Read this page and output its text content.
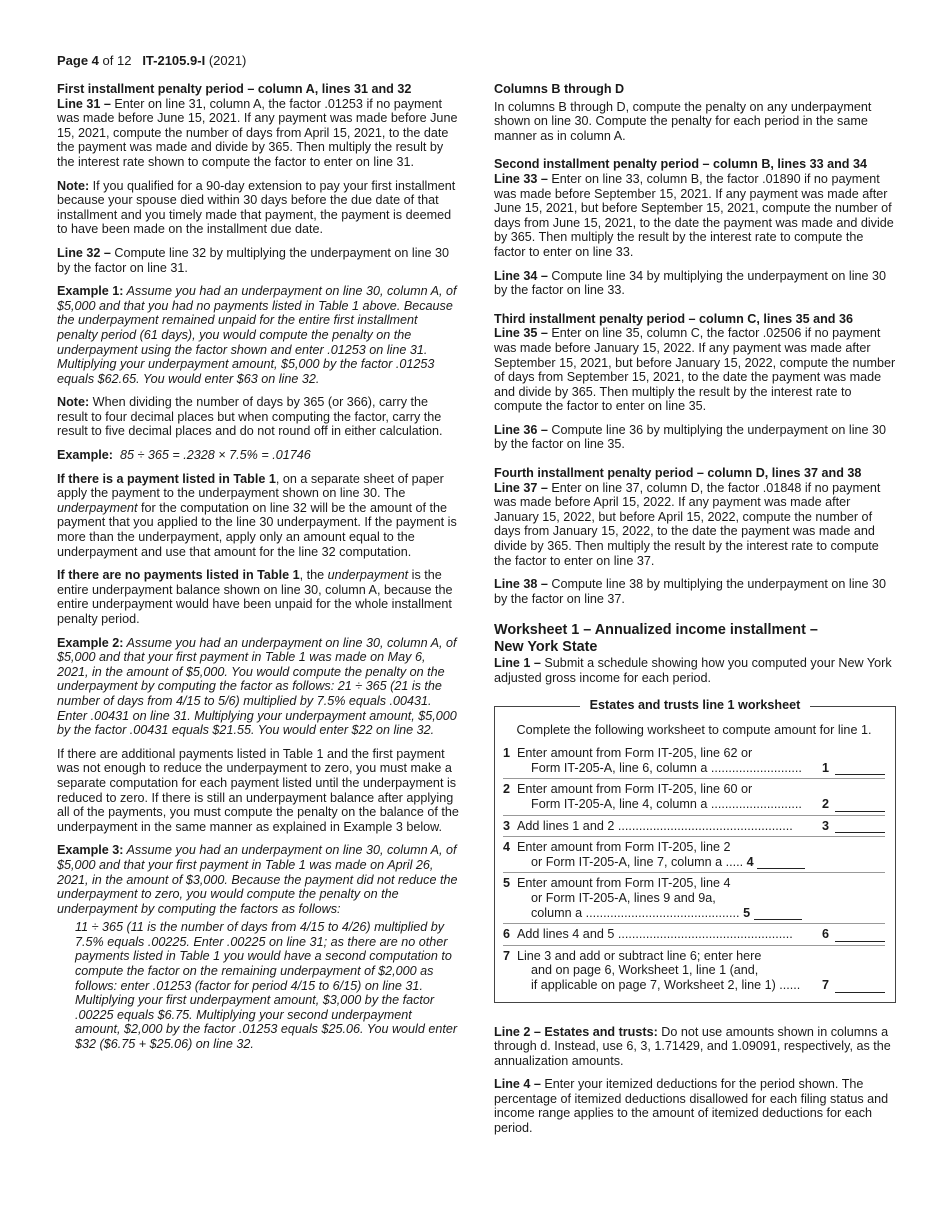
Page 4 of 12 IT-2105.9-I (2021)
First installment penalty period – column A, lines 31 and 32

Line 31 – Enter on line 31, column A, the factor .01253 if no payment was made before June 15, 2021. If any payment was made before June 15, 2021, compute the number of days from April 15, 2021, to the date the payment was made and divide by 365. Then multiply the result by the interest rate shown to compute the factor to enter on line 31.

Note: If you qualified for a 90-day extension to pay your first installment because your spouse died within 30 days before the due date of that installment and you timely made that payment, the payment is deemed to have been made on the installment due date.

Line 32 – Compute line 32 by multiplying the underpayment on line 30 by the factor on line 31.

Example 1: Assume you had an underpayment on line 30, column A, of $5,000 and that you had no payments listed in Table 1 above. Because the underpayment remained unpaid for the entire first installment penalty period (61 days), you would compute the penalty on the underpayment using the factor shown and enter .01253 on line 31. Multiplying your underpayment amount, $5,000 by the factor .01253 equals $62.65. You would enter $63 on line 32.

Note: When dividing the number of days by 365 (or 366), carry the result to four decimal places but when computing the factor, carry the result to five decimal places and do not round off in either calculation.

Example: 85 ÷ 365 = .2328 × 7.5% = .01746

If there is a payment listed in Table 1, on a separate sheet of paper apply the payment to the underpayment shown on line 30. The underpayment for the computation on line 32 will be the amount of the payment that you applied to the line 30 underpayment. If the payment is more than the underpayment, apply only an amount equal to the underpayment and use that amount for the line 32 computation.

If there are no payments listed in Table 1, the underpayment is the entire underpayment balance shown on line 30, column A, because the entire underpayment would have been unpaid for the whole installment penalty period.

Example 2: Assume you had an underpayment on line 30, column A, of $5,000 and that your first payment in Table 1 was made on May 6, 2021, in the amount of $5,000. You would compute the penalty on the underpayment by computing the factor as follows: 21 ÷ 365 (21 is the number of days from 4/15 to 5/6) multiplied by 7.5% equals .00431. Enter .00431 on line 31. Multiplying your underpayment amount, $5,000 by the factor .00431 equals $21.55. You would enter $22 on line 32.

If there are additional payments listed in Table 1 and the first payment was not enough to reduce the underpayment to zero, you must make a separate computation for each payment listed until the underpayment is reduced to zero. If there is still an underpayment balance after applying all of the payments, you must compute the penalty on the balance of the underpayment in the same manner as explained in Example 3 below.

Example 3: Assume you had an underpayment on line 30, column A, of $5,000 and that your first payment in Table 1 was made on April 26, 2021, in the amount of $3,000. Because the payment did not reduce the underpayment to zero, you would compute the penalty on the underpayment by computing the factors as follows:

11 ÷ 365 (11 is the number of days from 4/15 to 4/26) multiplied by 7.5% equals .00225. Enter .00225 on line 31; as there are no other payments listed in Table 1 you would have a second computation to compute the factor on the remaining underpayment of $2,000 as follows: enter .01253 (factor for period 4/15 to 6/15) on line 31. Multiplying your first underpayment amount, $3,000 by the factor .00225 equals $6.75. Multiplying your second underpayment amount, $2,000 by the factor .01253 equals $25.06. You would enter $32 ($6.75 + $25.06) on line 32.

Columns B through D

In columns B through D, compute the penalty on any underpayment shown on line 30. Compute the penalty for each period in the same manner as in column A.

Second installment penalty period – column B, lines 33 and 34

Line 33 – Enter on line 33, column B, the factor .01890 if no payment was made before September 15, 2021. If any payment was made after June 15, 2021, but before September 15, 2021, compute the number of days from June 15, 2021, to the date the payment was made and divide by 365. Then multiply the result by the interest rate to compute the factor to enter on line 33.

Line 34 – Compute line 34 by multiplying the underpayment on line 30 by the factor on line 33.

Third installment penalty period – column C, lines 35 and 36

Line 35 – Enter on line 35, column C, the factor .02506 if no payment was made before January 15, 2022. If any payment was made after September 15, 2021, but before January 15, 2022, compute the number of days from September 15, 2021, to the date the payment was made and divide by 365. Then multiply the result by the interest rate to compute the factor to enter on line 35.

Line 36 – Compute line 36 by multiplying the underpayment on line 30 by the factor on line 35.

Fourth installment penalty period – column D, lines 37 and 38

Line 37 – Enter on line 37, column D, the factor .01848 if no payment was made before April 15, 2022. If any payment was made after January 15, 2022, but before April 15, 2022, compute the number of days from January 15, 2022, to the date the payment was made and divide by 365. Then multiply the result by the interest rate to compute the factor to enter on line 37.

Line 38 – Compute line 38 by multiplying the underpayment on line 30 by the factor on line 37.

Worksheet 1 – Annualized income installment –
New York State

Line 1 – Submit a schedule showing how you computed your New York adjusted gross income for each period.

Estates and trusts line 1 worksheet
Complete the following worksheet to compute amount for line 1.
1 Enter amount from Form IT-205, line 62 or
Form IT-205-A, line 6, column a ..........................	1
2 Enter amount from Form IT-205, line 60 or
Form IT-205-A, line 4, column a ..........................	2
3 Add lines 1 and 2 ..................................................	3
4 Enter amount from Form IT-205, line 2
or Form IT-205-A, line 7, column a ..... 4
5 Enter amount from Form IT-205, line 4
or Form IT-205-A, lines 9 and 9a,
column a ............................................ 5
6 Add lines 4 and 5 ..................................................	6
7 Line 3 and add or subtract line 6; enter here
and on page 6, Worksheet 1, line 1 (and,
if applicable on page 7, Worksheet 2, line 1) ......	7

Line 2 – Estates and trusts: Do not use amounts shown in columns a through d. Instead, use 6, 3, 1.71429, and 1.09091, respectively, as the annualization amounts.

Line 4 – Enter your itemized deductions for the period shown. The percentage of itemized deductions disallowed for each filing status and income range applies to the amount of itemized deductions for each period.
